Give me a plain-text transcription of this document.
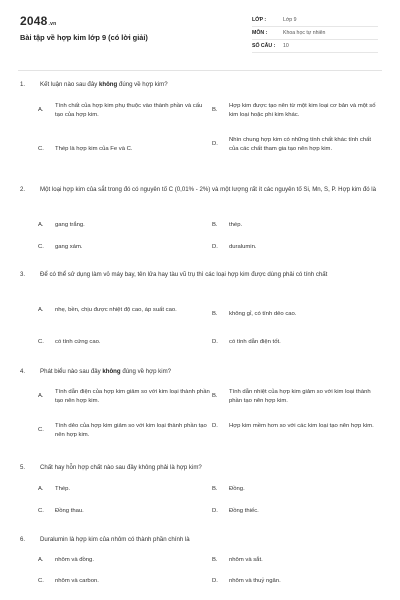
2048.vn
Bài tập về hợp kim lớp 9 (có lời giải)
LỚP :	Lớp 9
MÔN :	Khoa học tự nhiên
SỐ CÂU :	10
1. Kết luận nào sau đây không đúng về hợp kim?
A.
Tính chất của hợp kim phụ thuộc vào thành phần và cấu tạo của hợp kim.
B.
Hợp kim được tạo nên từ một kim loại cơ bản và một số kim loại hoặc phi kim khác.
C.	Thép là hợp kim của Fe và C.
D.
Nhìn chung hợp kim có những tính chất khác tính chất của các chất tham gia tạo nên hợp kim.
2. Một loại hợp kim của sắt trong đó có nguyên tố C (0,01% - 2%) và một lượng rất ít các nguyên tố Si, Mn, S, P. Hợp kim đó là
A.	gang trắng.	B.	thép.
C.	gang xám.	D.	duralumin.
3. Để có thể sử dụng làm vỏ máy bay, tên lửa hay tàu vũ trụ thì các loại hợp kim được dùng phải có tính chất
A.	nhẹ, bền, chịu được nhiệt độ cao, áp suất cao.
B.	không gỉ, có tính dẻo cao.
C.	có tính cứng cao.	D.	có tính dẫn điện tốt.
4. Phát biểu nào sau đây không đúng về hợp kim?
A.
Tính dẫn điện của hợp kim giảm so với kim loại thành phần tạo nên hợp kim.
B.
Tính dẫn nhiệt của hợp kim giảm so với kim loại thành phần tạo nên hợp kim.
C.
Tính dẻo của hợp kim giảm so với kim loại thành phần tạo nên hợp kim.
D.	Hợp kim mềm hơn so với các kim loại tạo nên hợp kim.
5. Chất hay hỗn hợp chất nào sau đây không phải là hợp kim?
A.	Thép.	B.	Đồng.
C.	Đồng thau.	D.	Đồng thiếc.
6. Duralumin là hợp kim của nhôm có thành phần chính là
A.	nhôm và đồng.	B.	nhôm và sắt.
C.	nhôm và carbon.	D.	nhôm và thuỷ ngân.
